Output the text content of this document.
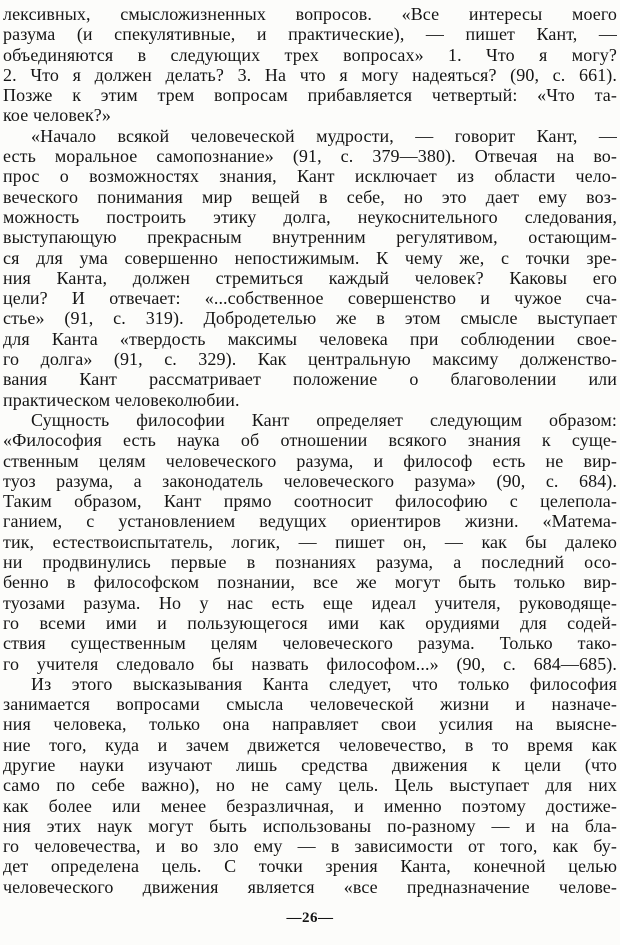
лексивных, смысложизненных вопросов. «Все интересы моего
разума (и спекулятивные, и практические), — пишет Кант, —
объединяются в следующих трех вопросах» 1. Что я могу?
2. Что я должен делать? 3. На что я могу надеяться? (90, с. 661).
Позже к этим трем вопросам прибавляется четвертый: «Что та-
кое человек?»
«Начало всякой человеческой мудрости, — говорит Кант, —
есть моральное самопознание» (91, с. 379—380). Отвечая на во-
прос о возможностях знания, Кант исключает из области чело-
веческого понимания мир вещей в себе, но это дает ему воз-
можность построить этику долга, неукоснительного следования,
выступающую прекрасным внутренним регулятивом, остающим-
ся для ума совершенно непостижимым. К чему же, с точки зре-
ния Канта, должен стремиться каждый человек? Каковы его
цели? И отвечает: «...собственное совершенство и чужое сча-
стье» (91, с. 319). Добродетелью же в этом смысле выступает
для Канта «твердость максимы человека при соблюдении свое-
го долга» (91, с. 329). Как центральную максиму долженство-
вания Кант рассматривает положение о благоволении или
практическом человеколюбии.
Сущность философии Кант определяет следующим образом:
«Философия есть наука об отношении всякого знания к суще-
ственным целям человеческого разума, и философ есть не вир-
туоз разума, а законодатель человеческого разума» (90, с. 684).
Таким образом, Кант прямо соотносит философию с целепола-
ганием, с установлением ведущих ориентиров жизни. «Матема-
тик, естествоиспытатель, логик, — пишет он, — как бы далеко
ни продвинулись первые в познаниях разума, а последний осо-
бенно в философском познании, все же могут быть только вир-
туозами разума. Но у нас есть еще идеал учителя, руководяще-
го всеми ими и пользующегося ими как орудиями для содей-
ствия существенным целям человеческого разума. Только тако-
го учителя следовало бы назвать философом...» (90, с. 684—685).
Из этого высказывания Канта следует, что только философия
занимается вопросами смысла человеческой жизни и назначе-
ния человека, только она направляет свои усилия на выясне-
ние того, куда и зачем движется человечество, в то время как
другие науки изучают лишь средства движения к цели (что
само по себе важно), но не саму цель. Цель выступает для них
как более или менее безразличная, и именно поэтому достиже-
ния этих наук могут быть использованы по-разному — и на бла-
го человечества, и во зло ему — в зависимости от того, как бу-
дет определена цель. С точки зрения Канта, конечной целью
человеческого движения является «все предназначение челове-
—26—
